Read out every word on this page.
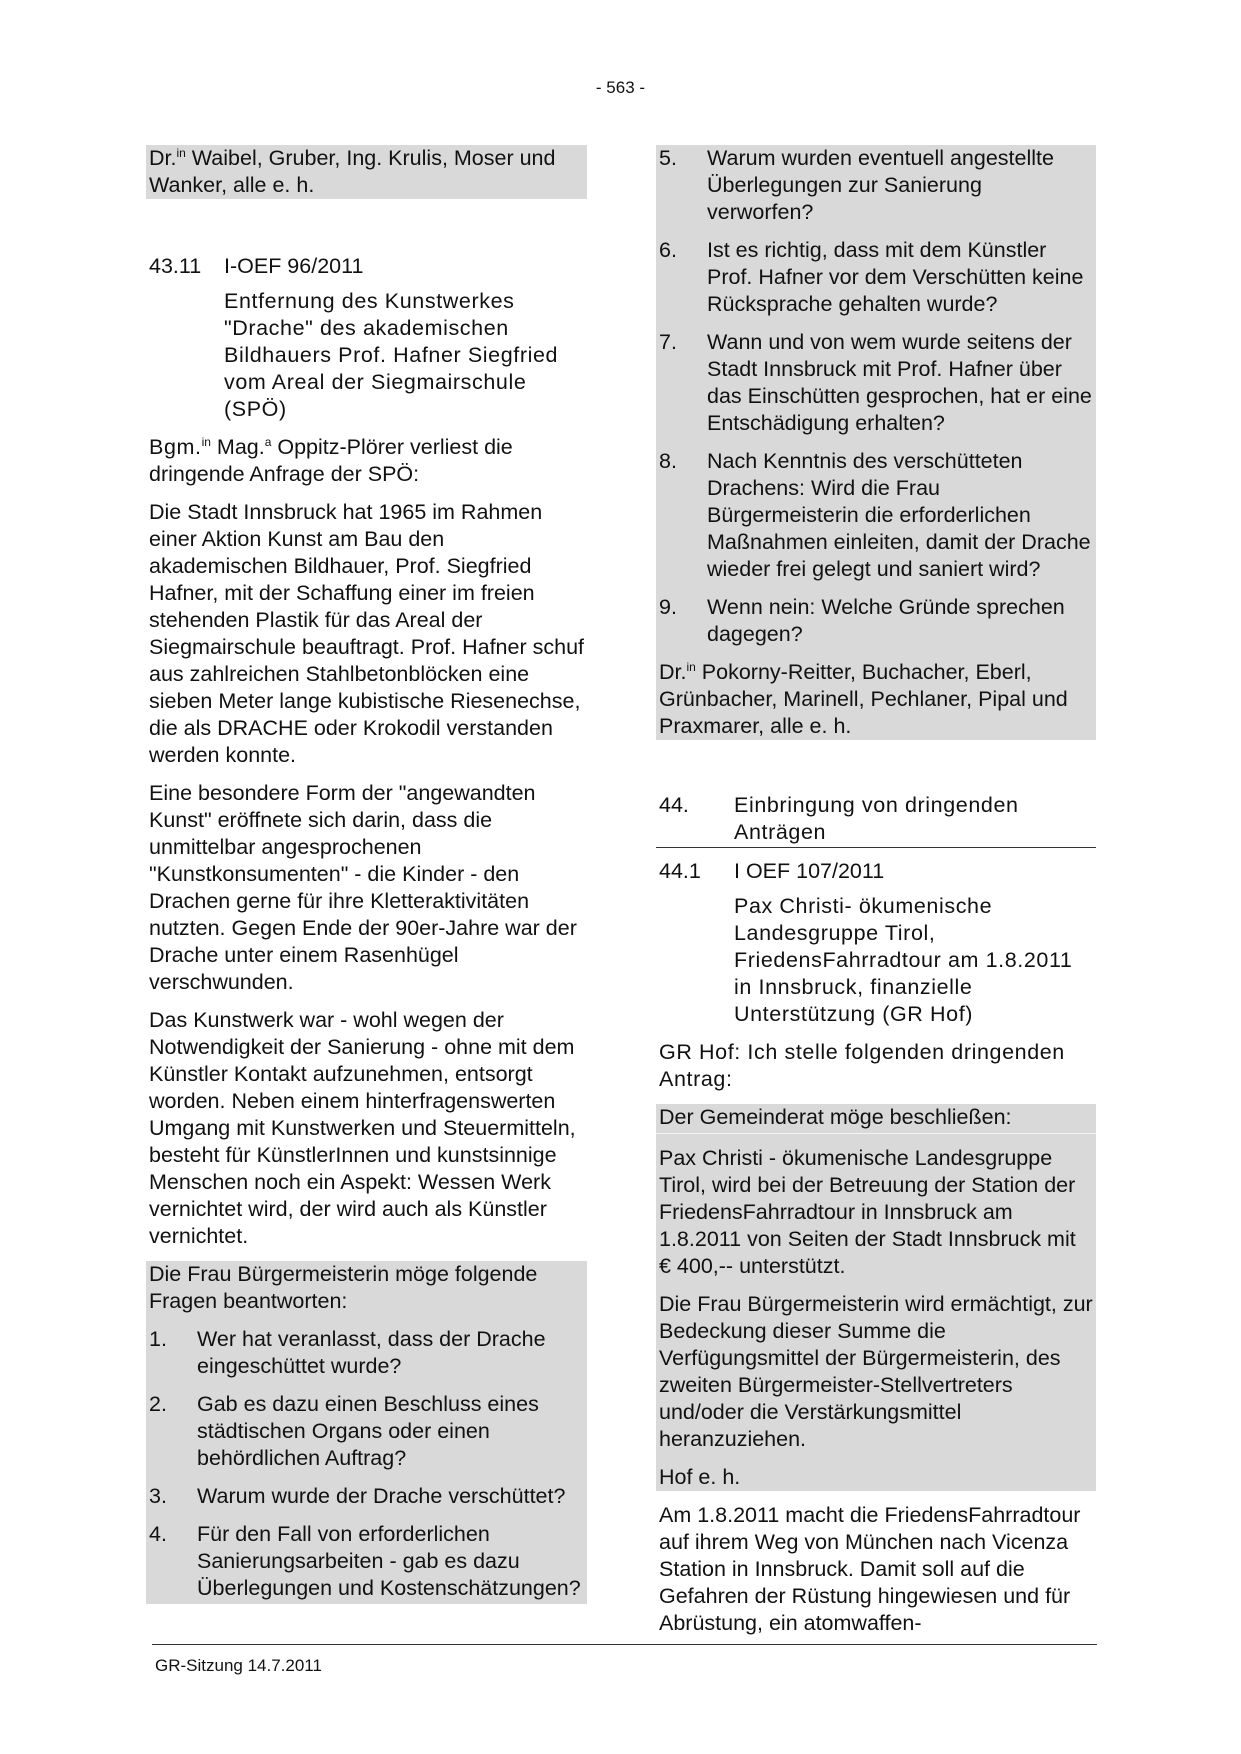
- 563 -

Dr.$^{in}$ Waibel, Gruber, Ing. Krulis, Moser und Wanker, alle e. h.

43.11	I-OEF 96/2011

Entfernung des Kunstwerkes "Drache" des akademischen Bildhauers Prof. Hafner Siegfried vom Areal der Siegmairschule (SPÖ)

Bgm.$^{in}$ Mag.$^a$ Oppitz-Plörer verliest die dringende Anfrage der SPÖ:

Die Stadt Innsbruck hat 1965 im Rahmen einer Aktion Kunst am Bau den akademischen Bildhauer, Prof. Siegfried Hafner, mit der Schaffung einer im freien stehenden Plastik für das Areal der Siegmairschule beauftragt. Prof. Hafner schuf aus zahlreichen Stahlbetonblöcken eine sieben Meter lange kubistische Riesenechse, die als DRACHE oder Krokodil verstanden werden konnte.

Eine besondere Form der "angewandten Kunst" eröffnete sich darin, dass die unmittelbar angesprochenen "Kunstkonsumenten" - die Kinder - den Drachen gerne für ihre Kletteraktivitäten nutzten. Gegen Ende der 90er-Jahre war der Drache unter einem Rasenhügel verschwunden.

Das Kunstwerk war - wohl wegen der Notwendigkeit der Sanierung - ohne mit dem Künstler Kontakt aufzunehmen, entsorgt worden. Neben einem hinterfragenswerten Umgang mit Kunstwerken und Steuermitteln, besteht für KünstlerInnen und kunstsinnige Menschen noch ein Aspekt: Wessen Werk vernichtet wird, der wird auch als Künstler vernichtet.

Die Frau Bürgermeisterin möge folgende Fragen beantworten:

1.	Wer hat veranlasst, dass der Drache eingeschüttet wurde?
2.	Gab es dazu einen Beschluss eines städtischen Organs oder einen behördlichen Auftrag?
3.	Warum wurde der Drache verschüttet?
4.	Für den Fall von erforderlichen Sanierungsarbeiten - gab es dazu Überlegungen und Kostenschätzungen?
5.	Warum wurden eventuell angestellte Überlegungen zur Sanierung verworfen?
6.	Ist es richtig, dass mit dem Künstler Prof. Hafner vor dem Verschütten keine Rücksprache gehalten wurde?
7.	Wann und von wem wurde seitens der Stadt Innsbruck mit Prof. Hafner über das Einschütten gesprochen, hat er eine Entschädigung erhalten?
8.	Nach Kenntnis des verschütteten Drachens: Wird die Frau Bürgermeisterin die erforderlichen Maßnahmen einleiten, damit der Drache wieder frei gelegt und saniert wird?
9.	Wenn nein: Welche Gründe sprechen dagegen?

Dr.$^{in}$ Pokorny-Reitter, Buchacher, Eberl, Grünbacher, Marinell, Pechlaner, Pipal und Praxmarer, alle e. h.

44.	Einbringung von dringenden Anträgen
44.1	I OEF 107/2011

Pax Christi- ökumenische Landesgruppe Tirol, FriedensFahrradtour am 1.8.2011 in Innsbruck, finanzielle Unterstützung (GR Hof)

GR Hof: Ich stelle folgenden dringenden Antrag:

Der Gemeinderat möge beschließen:

Pax Christi - ökumenische Landesgruppe Tirol, wird bei der Betreuung der Station der FriedensFahrradtour in Innsbruck am 1.8.2011 von Seiten der Stadt Innsbruck mit € 400,-- unterstützt.

Die Frau Bürgermeisterin wird ermächtigt, zur Bedeckung dieser Summe die Verfügungsmittel der Bürgermeisterin, des zweiten Bürgermeister-Stellvertreters und/oder die Verstärkungsmittel heranzuziehen.

Hof e. h.

Am 1.8.2011 macht die FriedensFahrradtour auf ihrem Weg von München nach Vicenza Station in Innsbruck. Damit soll auf die Gefahren der Rüstung hingewiesen und für Abrüstung, ein atomwaffen-

GR-Sitzung 14.7.2011
